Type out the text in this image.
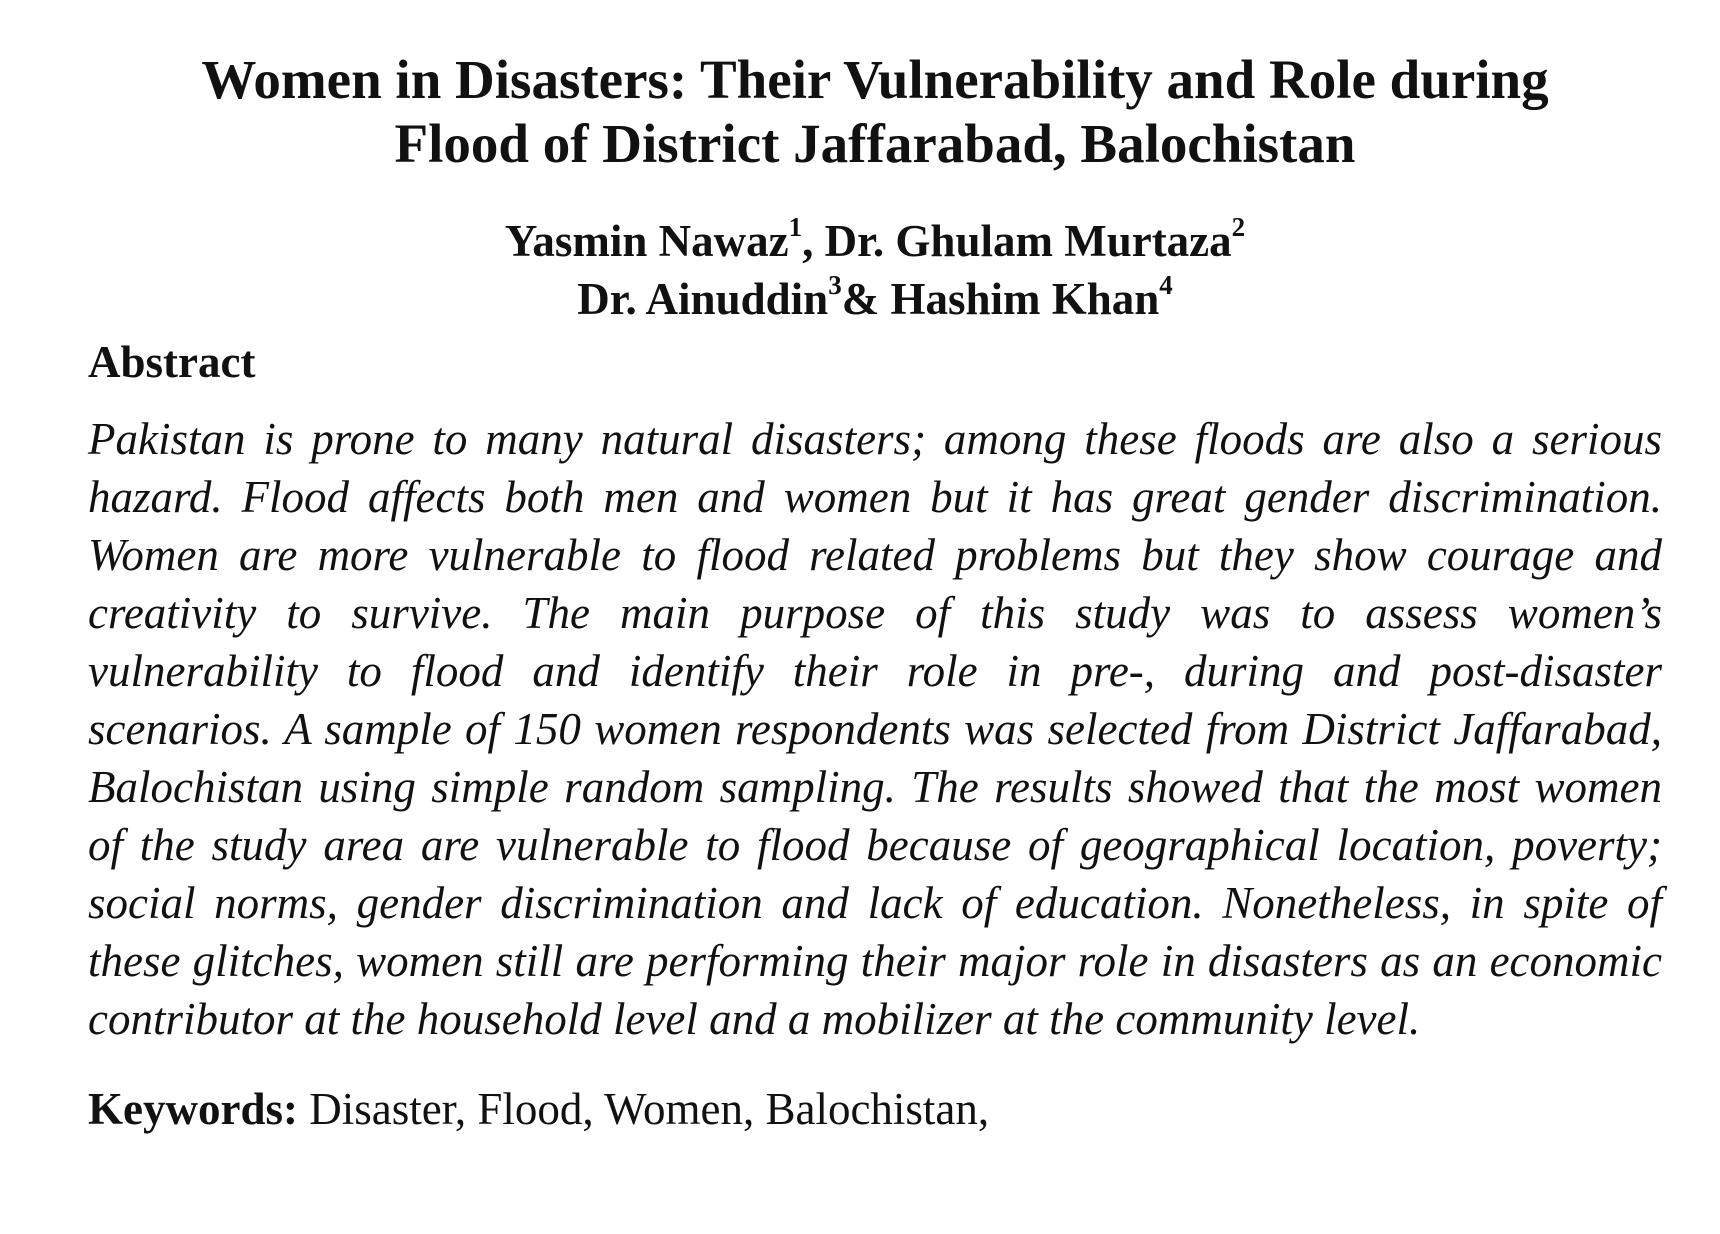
Women in Disasters: Their Vulnerability and Role during
Flood of District Jaffarabad, Balochistan
Yasmin Nawaz$^1$, Dr. Ghulam Murtaza$^2$
Dr. Ainuddin$^3$& Hashim Khan$^4$
Abstract

Pakistan is prone to many natural disasters; among these floods are also a serious hazard. Flood affects both men and women but it has great gender discrimination. Women are more vulnerable to flood related problems but they show courage and creativity to survive. The main purpose of this study was to assess women’s vulnerability to flood and identify their role in pre-, during and post-disaster scenarios. A sample of 150 women respondents was selected from District Jaffarabad, Balochistan using simple random sampling. The results showed that the most women of the study area are vulnerable to flood because of geographical location, poverty; social norms, gender discrimination and lack of education. Nonetheless, in spite of these glitches, women still are performing their major role in disasters as an economic contributor at the household level and a mobilizer at the community level.

Keywords: Disaster, Flood, Women, Balochistan,
